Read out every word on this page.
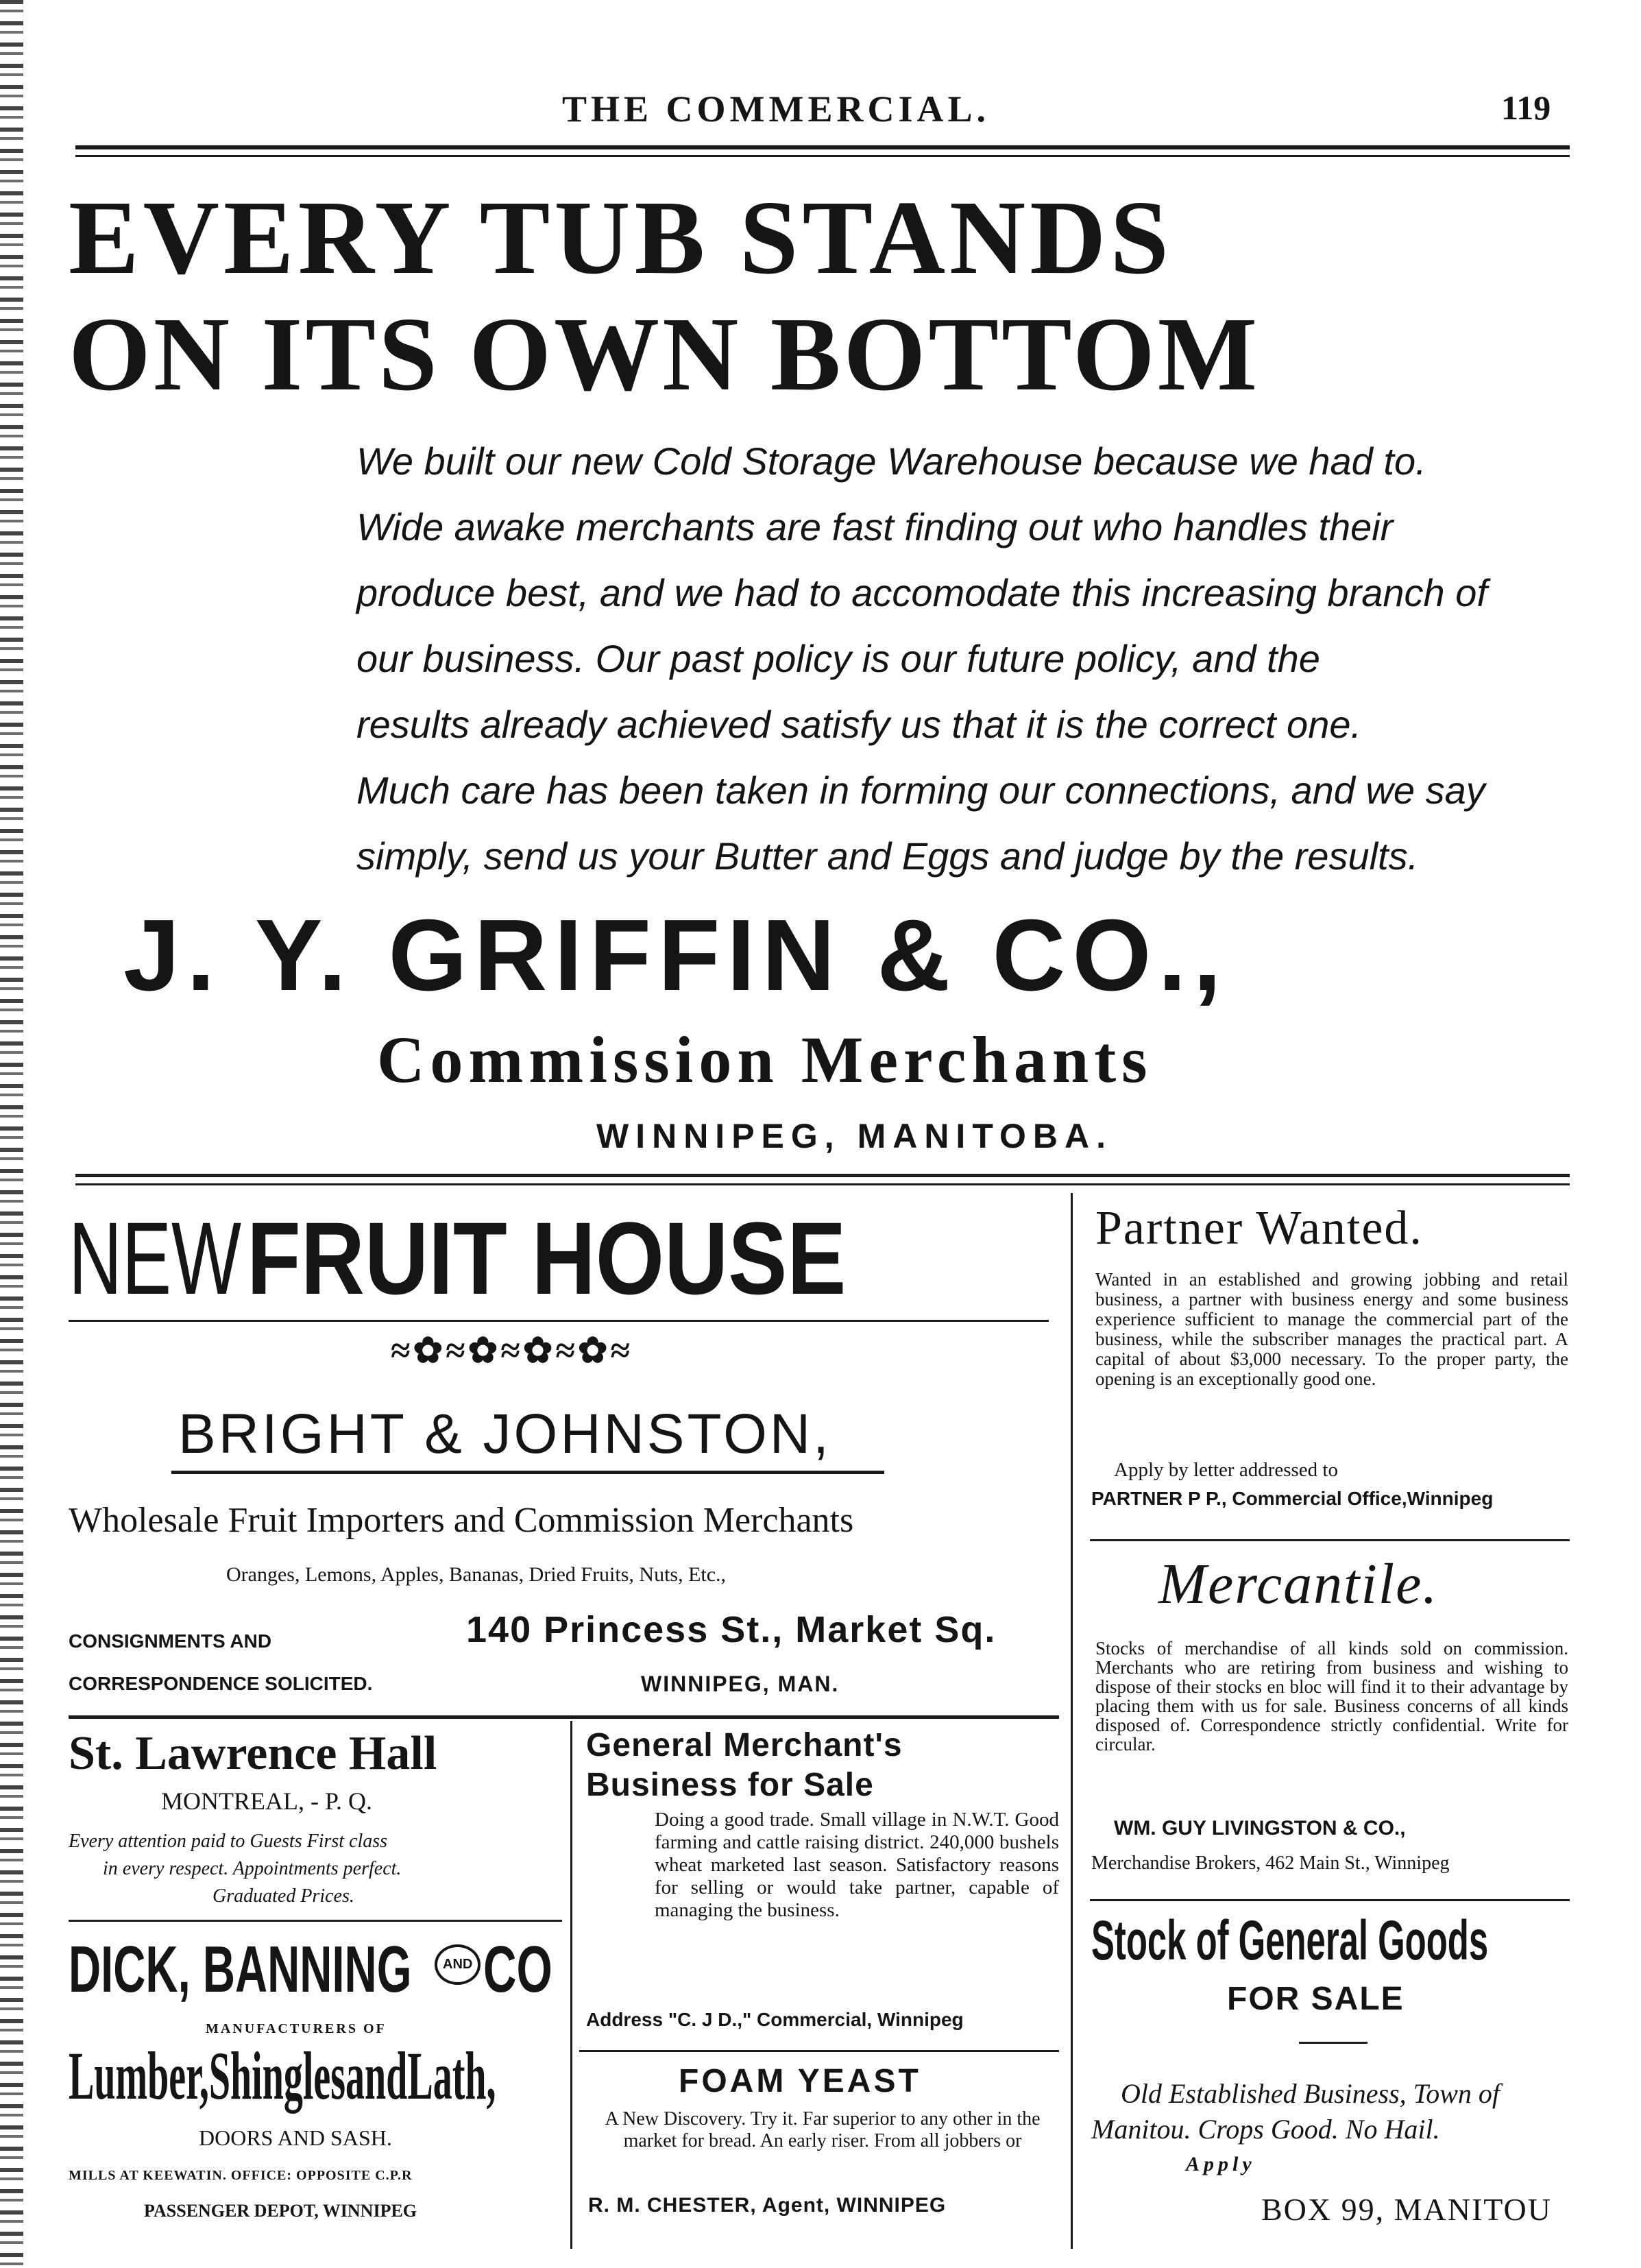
THE COMMERCIAL.	119
EVERY TUB STANDS
ON ITS OWN BOTTOM
We built our new Cold Storage Warehouse because we had to.
Wide awake merchants are fast finding out who handles their
produce best, and we had to accomodate this increasing branch of
our business. Our past policy is our future policy, and the
results already achieved satisfy us that it is the correct one.
Much care has been taken in forming our connections, and we say
simply, send us your Butter and Eggs and judge by the results.
J. Y. GRIFFIN & CO.,
Commission Merchants
WINNIPEG, MANITOBA.
NEW FRUIT HOUSE
≈✿≈✿≈✿≈✿≈
BRIGHT & JOHNSTON,
Wholesale Fruit Importers and Commission Merchants
Oranges, Lemons, Apples, Bananas, Dried Fruits, Nuts, Etc.,
CONSIGNMENTS AND
CORRESPONDENCE SOLICITED.
140 Princess St., Market Sq.
WINNIPEG, MAN.
St. Lawrence Hall
MONTREAL, - P. Q.
Every attention paid to Guests First class
in every respect. Appointments perfect.
Graduated Prices.
DICK, BANNING AND CO
MANUFACTURERS OF
Lumber,ShinglesandLath,
DOORS AND SASH.
MILLS AT KEEWATIN. OFFICE: OPPOSITE C.P.R
PASSENGER DEPOT, WINNIPEG
General Merchant's
Business for Sale
Doing a good trade. Small village in N.W.T. Good farming and cattle raising district. 240,000 bushels wheat marketed last season. Satisfactory reasons for selling or would take partner, capable of managing the business.
Address "C. J D.," Commercial, Winnipeg
FOAM YEAST
A New Discovery. Try it. Far superior to any other in the market for bread. An early riser. From all jobbers or
R. M. CHESTER, Agent, WINNIPEG
Partner Wanted.
Wanted in an established and growing jobbing and retail business, a partner with business energy and some business experience sufficient to manage the commercial part of the business, while the subscriber manages the practical part. A capital of about $3,000 necessary. To the proper party, the opening is an exceptionally good one.
Apply by letter addressed to
PARTNER P P., Commercial Office,Winnipeg
Mercantile.
Stocks of merchandise of all kinds sold on commission. Merchants who are retiring from business and wishing to dispose of their stocks en bloc will find it to their advantage by placing them with us for sale. Business concerns of all kinds disposed of. Correspondence strictly confidential. Write for circular.
WM. GUY LIVINGSTON & CO.,
Merchandise Brokers, 462 Main St., Winnipeg
Stock of General Goods
FOR SALE
Old Established Business, Town of
Manitou. Crops Good. No Hail.
Apply
BOX 99, MANITOU
